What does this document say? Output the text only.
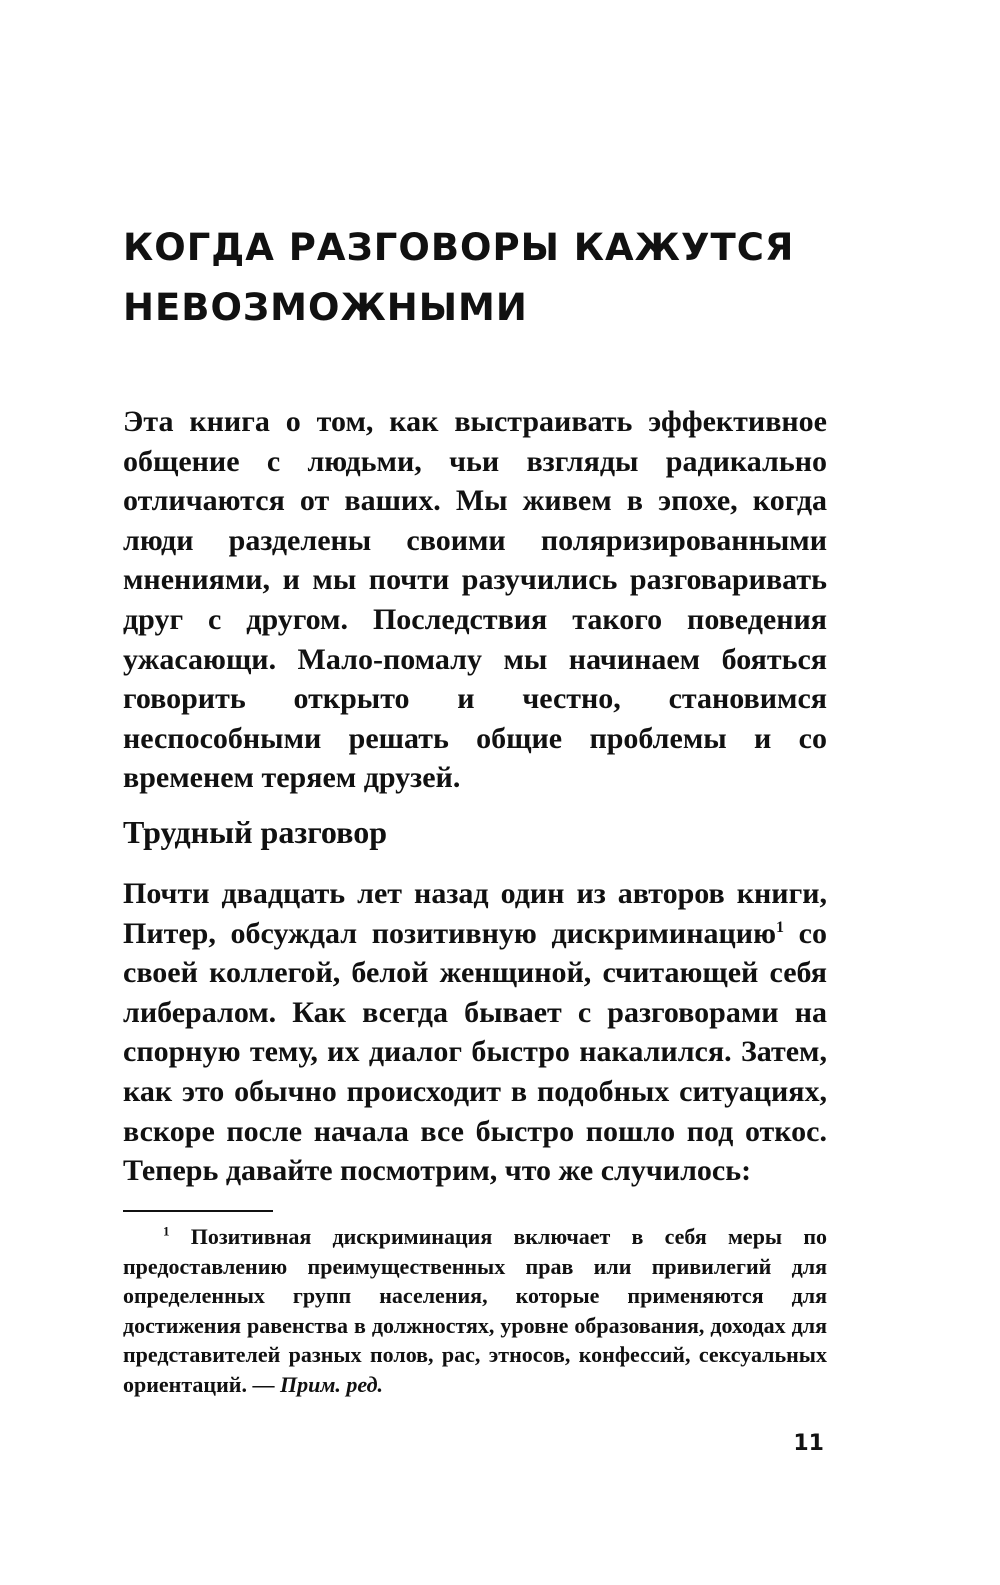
КОГДА РАЗГОВОРЫ КАЖУТСЯ НЕВОЗМОЖНЫМИ

Эта книга о том, как выстраивать эффективное общение с людьми, чьи взгляды радикально отличаются от ваших. Мы живем в эпохе, когда люди разделены своими поляризированными мнениями, и мы почти разучились разговаривать друг с другом. Последствия такого поведения ужасающи. Мало-помалу мы начинаем бояться говорить открыто и честно, становимся неспособными решать общие проблемы и со временем теряем друзей.

Трудный разговор

Почти двадцать лет назад один из авторов книги, Питер, обсуждал позитивную дискриминацию$^1$ со своей коллегой, белой женщиной, считающей себя либералом. Как всегда бывает с разговорами на спорную тему, их диалог быстро накалился. Затем, как это обычно происходит в подобных ситуациях, вскоре после начала все быстро пошло под откос. Теперь давайте посмотрим, что же случилось:

$^1$ Позитивная дискриминация включает в себя меры по предоставлению преимущественных прав или привилегий для определенных групп населения, которые применяются для достижения равенства в должностях, уровне образования, доходах для представителей разных полов, рас, этносов, конфессий, сексуальных ориентаций. — Прим. ред.

11
